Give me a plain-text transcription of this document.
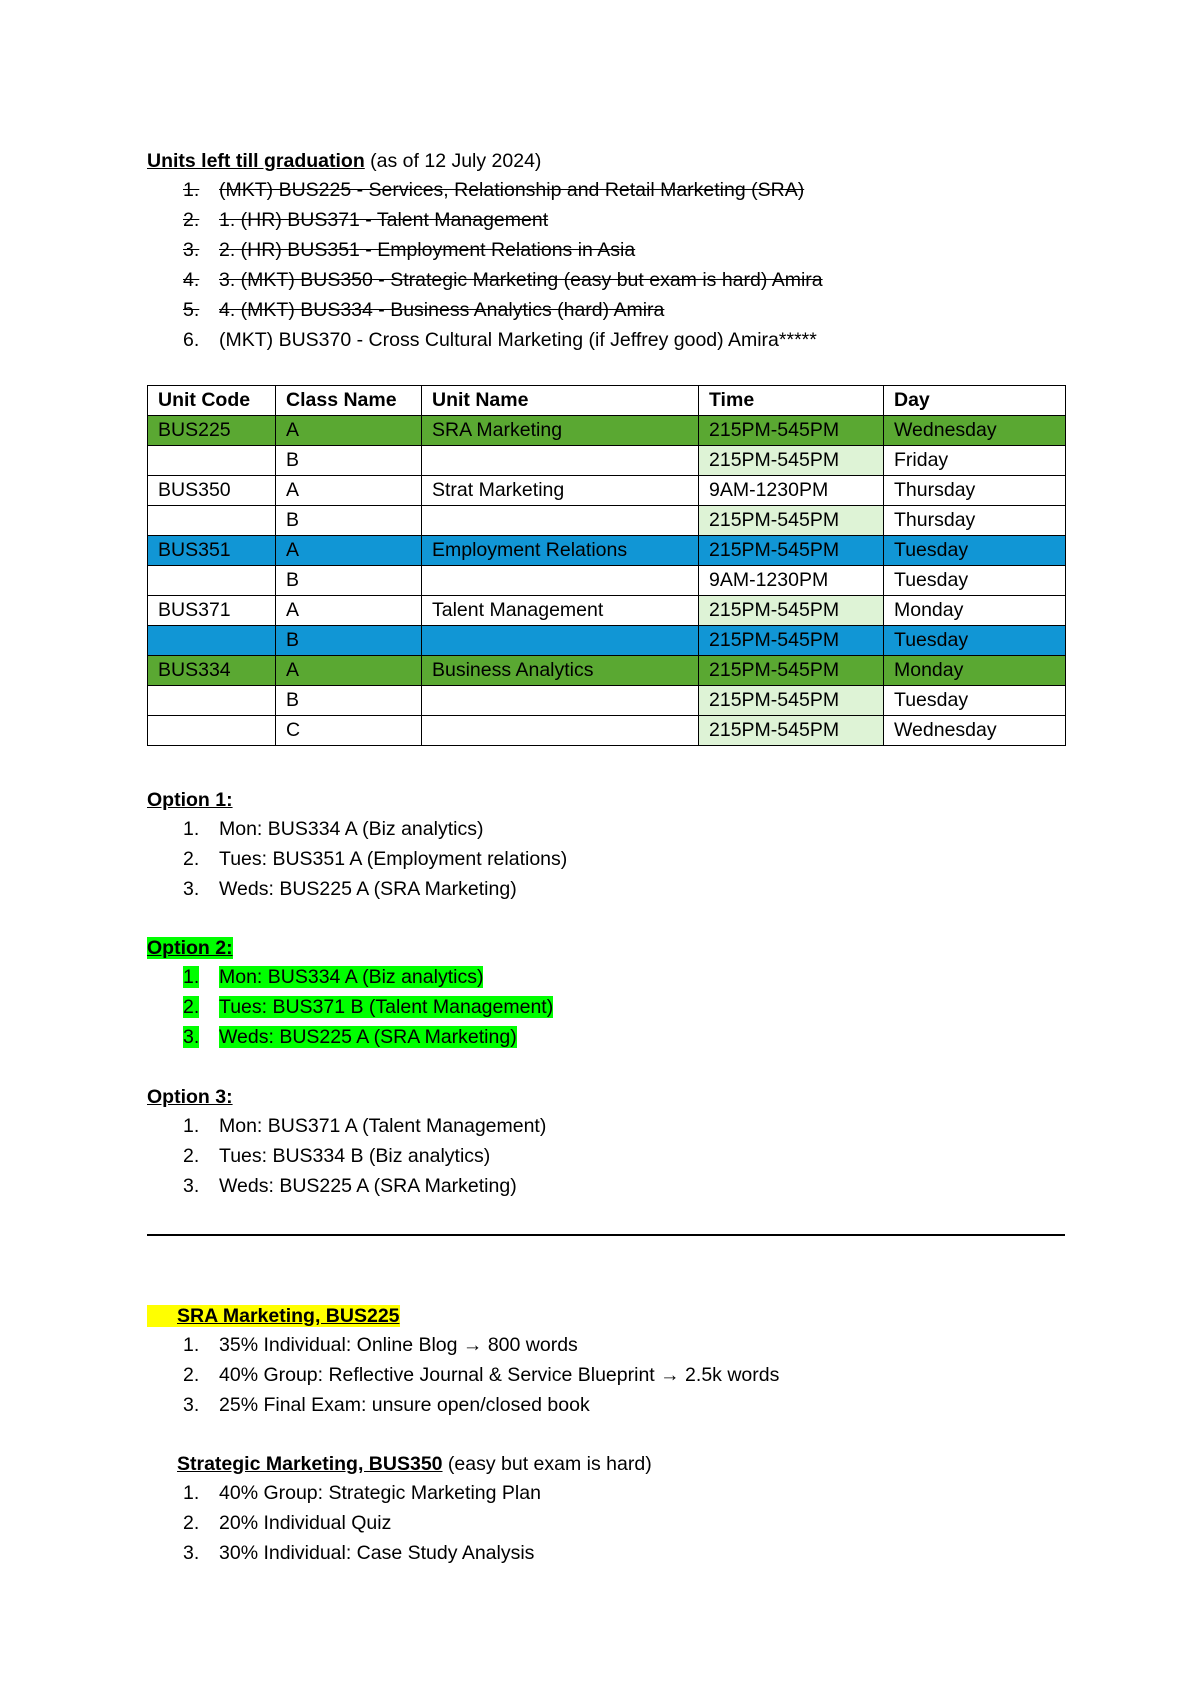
Units left till graduation (as of 12 July 2024)
1.	(MKT) BUS225 - Services, Relationship and Retail Marketing (SRA)
2.	1. (HR) BUS371 - Talent Management
3.	2. (HR) BUS351 - Employment Relations in Asia
4.	3. (MKT) BUS350 - Strategic Marketing (easy but exam is hard) Amira
5.	4. (MKT) BUS334 - Business Analytics (hard) Amira
6.	(MKT) BUS370 - Cross Cultural Marketing (if Jeffrey good) Amira*****
Unit Code	Class Name	Unit Name	Time	Day
BUS225	A	SRA Marketing	215PM-545PM	Wednesday
	B		215PM-545PM	Friday
BUS350	A	Strat Marketing	9AM-1230PM	Thursday
	B		215PM-545PM	Thursday
BUS351	A	Employment Relations	215PM-545PM	Tuesday
	B		9AM-1230PM	Tuesday
BUS371	A	Talent Management	215PM-545PM	Monday
	B		215PM-545PM	Tuesday
BUS334	A	Business Analytics	215PM-545PM	Monday
	B		215PM-545PM	Tuesday
	C		215PM-545PM	Wednesday
Option 1:
1.	Mon: BUS334 A (Biz analytics)
2.	Tues: BUS351 A (Employment relations)
3.	Weds: BUS225 A (SRA Marketing)
Option 2:
1.	Mon: BUS334 A (Biz analytics)
2.	Tues: BUS371 B (Talent Management)
3.	Weds: BUS225 A (SRA Marketing)
Option 3:
1.	Mon: BUS371 A (Talent Management)
2.	Tues: BUS334 B (Biz analytics)
3.	Weds: BUS225 A (SRA Marketing)
SRA Marketing, BUS225
1.	35% Individual: Online Blog → 800 words
2.	40% Group: Reflective Journal & Service Blueprint → 2.5k words
3.	25% Final Exam: unsure open/closed book
Strategic Marketing, BUS350 (easy but exam is hard)
1.	40% Group: Strategic Marketing Plan
2.	20% Individual Quiz
3.	30% Individual: Case Study Analysis
